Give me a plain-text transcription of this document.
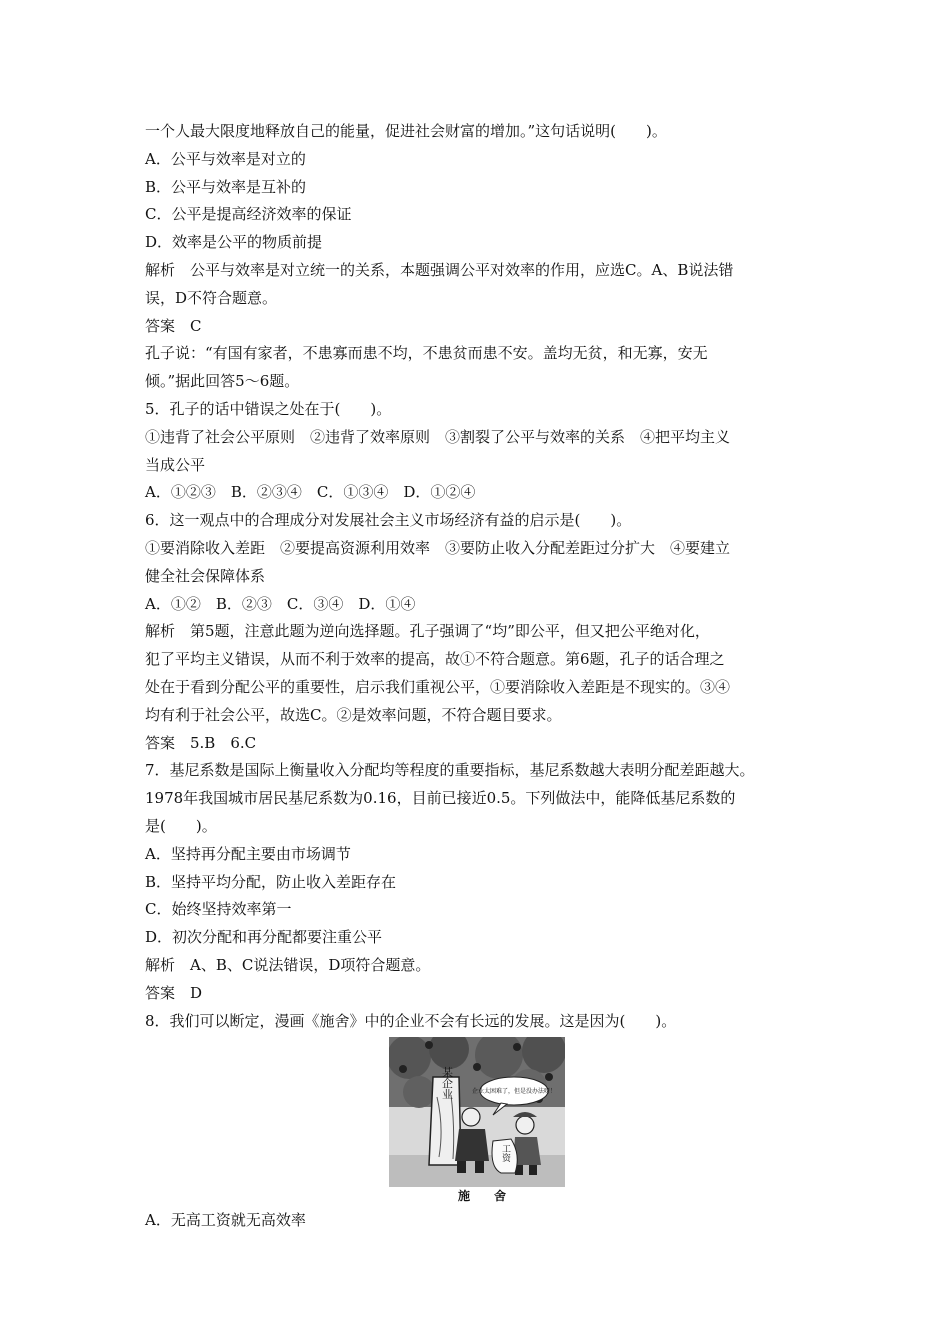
一个人最大限度地释放自己的能量，促进社会财富的增加。”这句话说明(　　)。
A．公平与效率是对立的
B．公平与效率是互补的
C．公平是提高经济效率的保证
D．效率是公平的物质前提
解析　公平与效率是对立统一的关系，本题强调公平对效率的作用，应选C。A、B说法错
误，D不符合题意。
答案　C
孔子说：“有国有家者，不患寡而患不均，不患贫而患不安。盖均无贫，和无寡，安无
倾。”据此回答5～6题。
5．孔子的话中错误之处在于(　　)。
①违背了社会公平原则　②违背了效率原则　③割裂了公平与效率的关系　④把平均主义
当成公平
A．①②③　B．②③④　C．①③④　D．①②④
6．这一观点中的合理成分对发展社会主义市场经济有益的启示是(　　)。
①要消除收入差距　②要提高资源利用效率　③要防止收入分配差距过分扩大　④要建立
健全社会保障体系
A．①②　B．②③　C．③④　D．①④
解析　第5题，注意此题为逆向选择题。孔子强调了“均”即公平，但又把公平绝对化，
犯了平均主义错误，从而不利于效率的提高，故①不符合题意。第6题，孔子的话合理之
处在于看到分配公平的重要性，启示我们重视公平，①要消除收入差距是不现实的。③④
均有利于社会公平，故选C。②是效率问题，不符合题目要求。
答案　5.B　6.C
7．基尼系数是国际上衡量收入分配均等程度的重要指标，基尼系数越大表明分配差距越大。
1978年我国城市居民基尼系数为0.16，目前已接近0.5。下列做法中，能降低基尼系数的
是(　　)。
A．坚持再分配主要由市场调节
B．坚持平均分配，防止收入差距存在
C．始终坚持效率第一
D．初次分配和再分配都要注重公平
解析　A、B、C说法错误，D项符合题意。
答案　D
8．我们可以断定，漫画《施舍》中的企业不会有长远的发展。这是因为(　　)。
某企业	企业太困难了，但是没办法呀！
工资
施　舍
A．无高工资就无高效率
